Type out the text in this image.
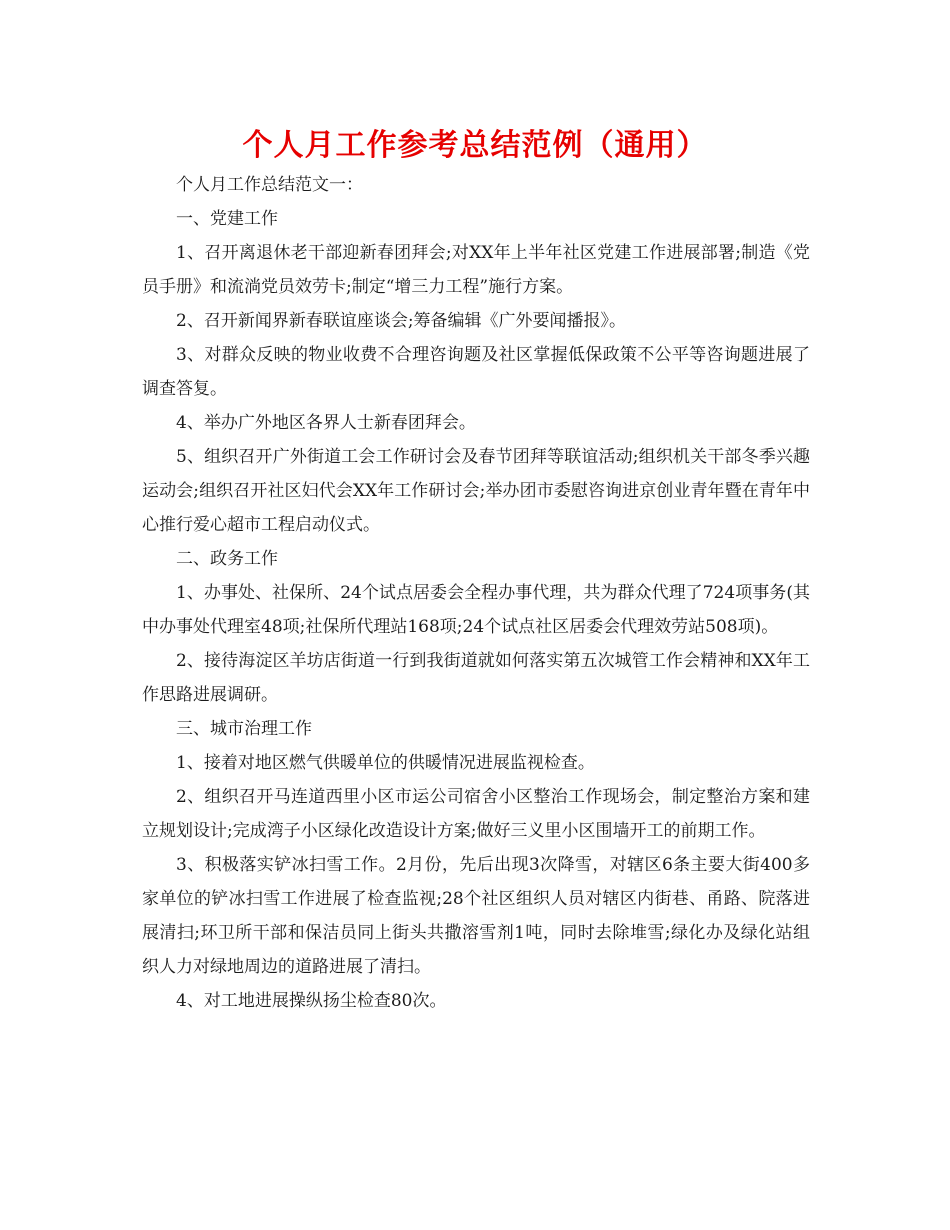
个人月工作参考总结范例（通用）

个人月工作总结范文一：

一、党建工作

1、召开离退休老干部迎新春团拜会;对XX年上半年社区党建工作进展部署;制造《党员手册》和流淌党员效劳卡;制定“增三力工程”施行方案。

2、召开新闻界新春联谊座谈会;筹备编辑《广外要闻播报》。

3、对群众反映的物业收费不合理咨询题及社区掌握低保政策不公平等咨询题进展了调查答复。

4、举办广外地区各界人士新春团拜会。

5、组织召开广外街道工会工作研讨会及春节团拜等联谊活动;组织机关干部冬季兴趣运动会;组织召开社区妇代会XX年工作研讨会;举办团市委慰咨询进京创业青年暨在青年中心推行爱心超市工程启动仪式。

二、政务工作

1、办事处、社保所、24个试点居委会全程办事代理，共为群众代理了724项事务(其中办事处代理室48项;社保所代理站168项;24个试点社区居委会代理效劳站508项)。

2、接待海淀区羊坊店街道一行到我街道就如何落实第五次城管工作会精神和XX年工作思路进展调研。

三、城市治理工作

1、接着对地区燃气供暖单位的供暖情况进展监视检查。

2、组织召开马连道西里小区市运公司宿舍小区整治工作现场会，制定整治方案和建立规划设计;完成湾子小区绿化改造设计方案;做好三义里小区围墙开工的前期工作。

3、积极落实铲冰扫雪工作。2月份，先后出现3次降雪，对辖区6条主要大街400多家单位的铲冰扫雪工作进展了检查监视;28个社区组织人员对辖区内街巷、甬路、院落进展清扫;环卫所干部和保洁员同上街头共撒溶雪剂1吨，同时去除堆雪;绿化办及绿化站组织人力对绿地周边的道路进展了清扫。

4、对工地进展操纵扬尘检查80次。
